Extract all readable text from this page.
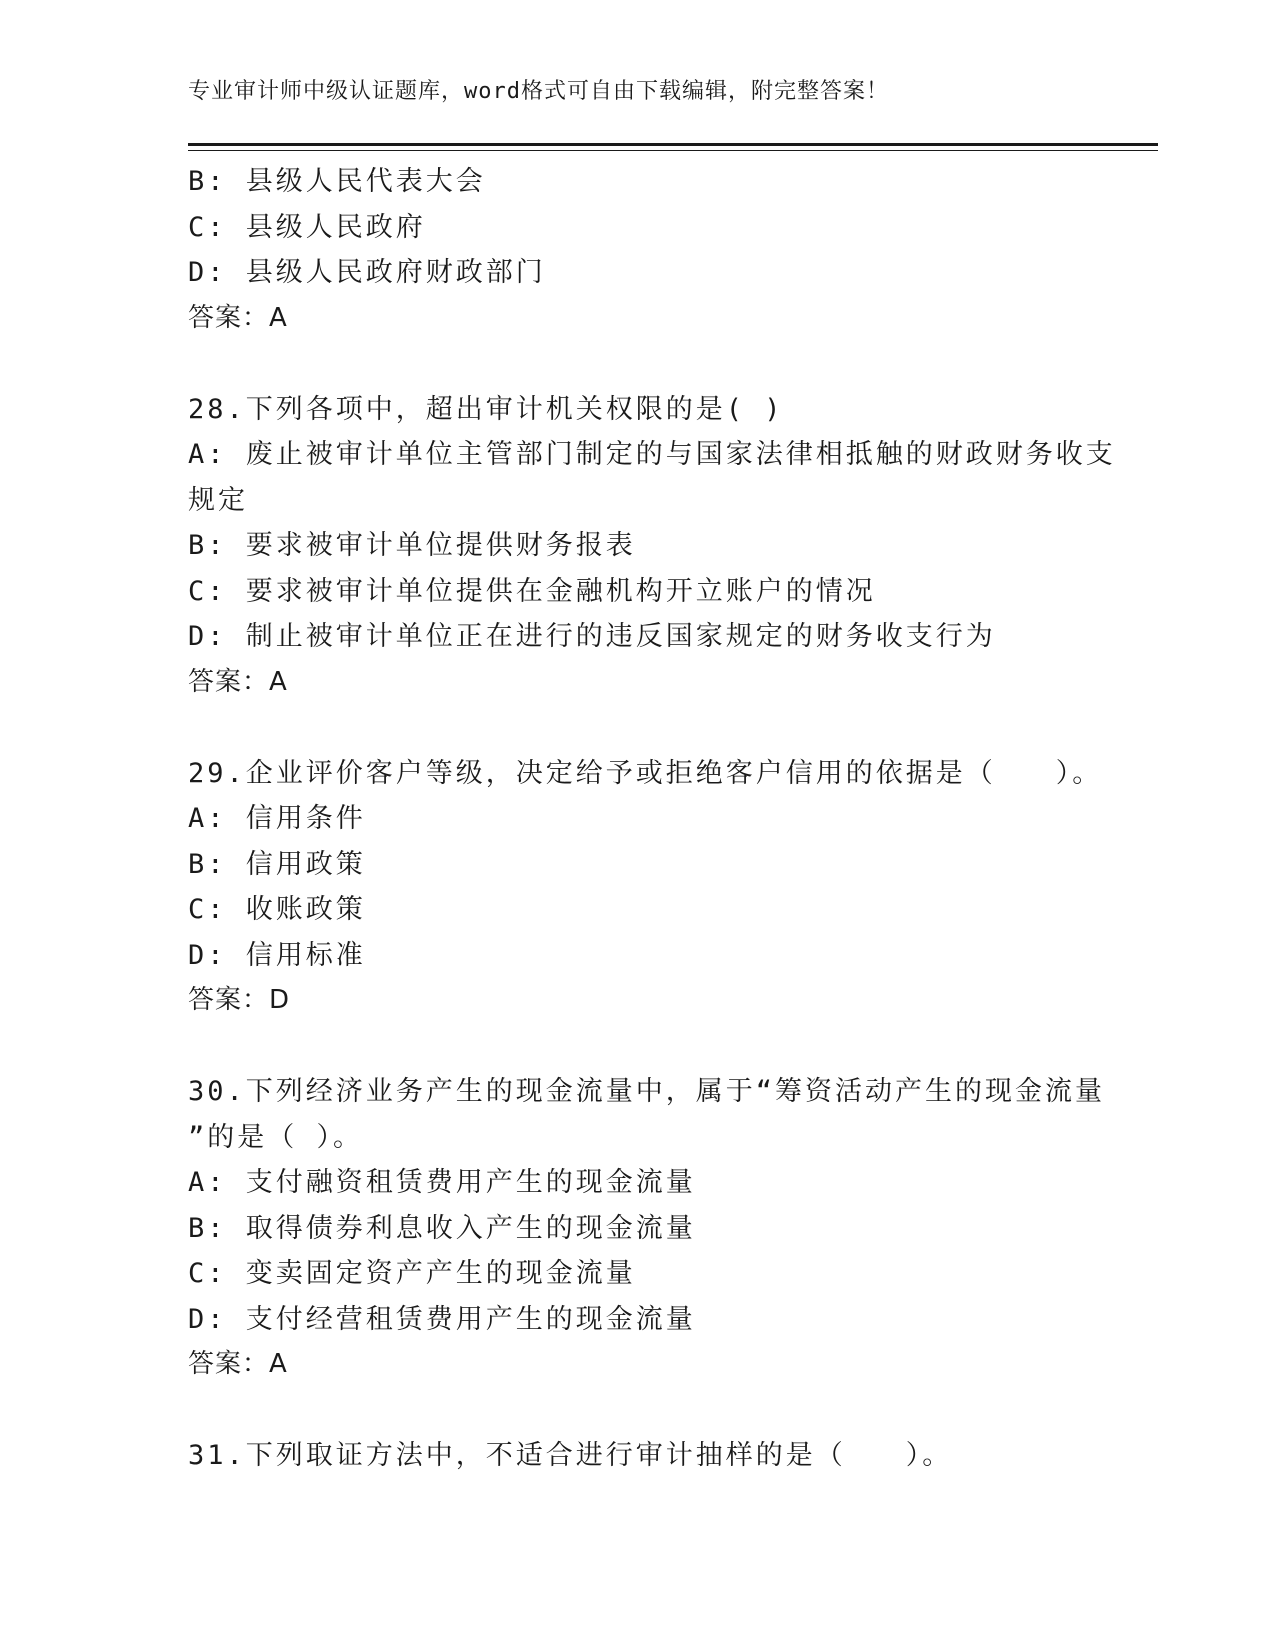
专业审计师中级认证题库，word格式可自由下载编辑，附完整答案！
B: 县级人民代表大会
C: 县级人民政府
D: 县级人民政府财政部门
答案：A
28.下列各项中，超出审计机关权限的是( )
A: 废止被审计单位主管部门制定的与国家法律相抵触的财政财务收支
规定
B: 要求被审计单位提供财务报表
C: 要求被审计单位提供在金融机构开立账户的情况
D: 制止被审计单位正在进行的违反国家规定的财务收支行为
答案：A
29.企业评价客户等级，决定给予或拒绝客户信用的依据是（　　）。
A: 信用条件
B: 信用政策
C: 收账政策
D: 信用标准
答案：D
30.下列经济业务产生的现金流量中，属于“筹资活动产生的现金流量
”的是（ ）。
A: 支付融资租赁费用产生的现金流量
B: 取得债券利息收入产生的现金流量
C: 变卖固定资产产生的现金流量
D: 支付经营租赁费用产生的现金流量
答案：A
31.下列取证方法中，不适合进行审计抽样的是（　　）。
